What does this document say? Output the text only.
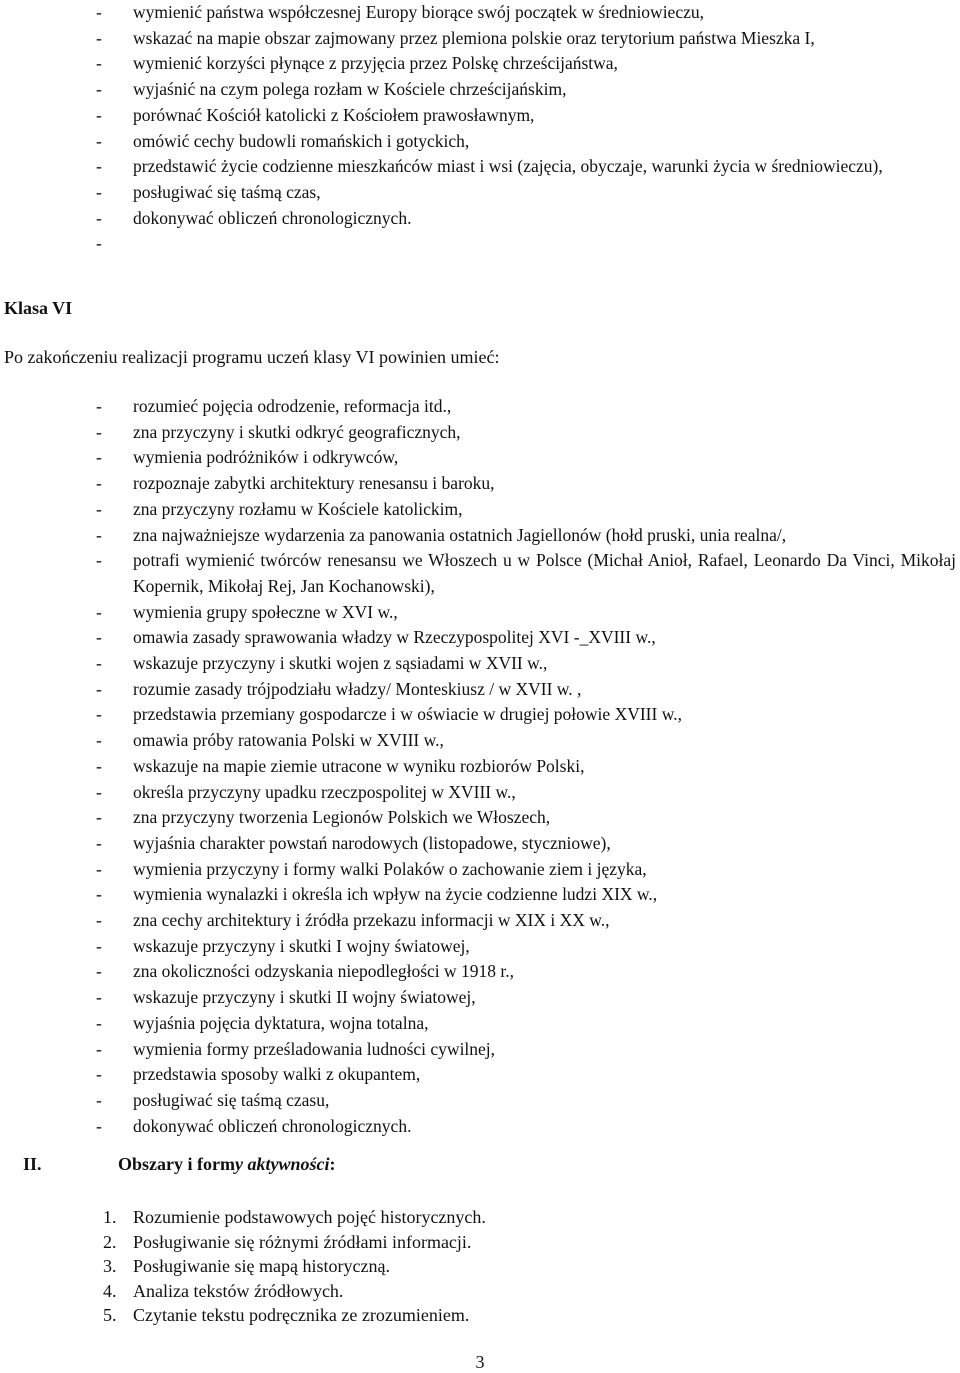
- wymienić państwa współczesnej Europy biorące swój początek w średniowieczu,
- wskazać na mapie obszar zajmowany przez plemiona polskie oraz terytorium państwa Mieszka I,
- wymienić korzyści płynące z przyjęcia przez Polskę chrześcijaństwa,
- wyjaśnić na czym polega rozłam w Kościele chrześcijańskim,
- porównać Kościół katolicki z Kościołem prawosławnym,
- omówić cechy budowli romańskich i gotyckich,
- przedstawić życie codzienne mieszkańców miast i wsi (zajęcia, obyczaje, warunki życia w średniowieczu),
- posługiwać się taśmą czas,
- dokonywać obliczeń chronologicznych.
-
Klasa VI
Po zakończeniu realizacji programu uczeń klasy VI powinien umieć:
- rozumieć pojęcia odrodzenie, reformacja itd.,
- zna przyczyny i skutki odkryć geograficznych,
- wymienia podróżników i odkrywców,
- rozpoznaje zabytki architektury renesansu i baroku,
- zna przyczyny rozłamu w Kościele katolickim,
- zna najważniejsze wydarzenia za panowania ostatnich Jagiellonów (hołd pruski, unia realna/,
- potrafi wymienić twórców renesansu we Włoszech u w Polsce (Michał Anioł, Rafael, Leonardo Da Vinci, Mikołaj Kopernik, Mikołaj Rej, Jan Kochanowski),
- wymienia grupy społeczne w XVI w.,
- omawia zasady sprawowania władzy w Rzeczypospolitej XVI -_XVIII w.,
- wskazuje przyczyny i skutki wojen z sąsiadami w XVII w.,
- rozumie zasady trójpodziału władzy/ Monteskiusz / w XVII w. ,
- przedstawia przemiany gospodarcze i w oświacie w drugiej połowie XVIII w.,
- omawia próby ratowania Polski w XVIII w.,
- wskazuje na mapie ziemie utracone w wyniku rozbiorów Polski,
- określa przyczyny upadku rzeczpospolitej w XVIII w.,
- zna przyczyny tworzenia Legionów Polskich we Włoszech,
- wyjaśnia charakter powstań narodowych (listopadowe, styczniowe),
- wymienia przyczyny i formy walki Polaków o zachowanie ziem i języka,
- wymienia wynalazki i określa ich wpływ na życie codzienne ludzi XIX w.,
- zna cechy architektury i źródła przekazu informacji w XIX i XX w.,
- wskazuje przyczyny i skutki I wojny światowej,
- zna okoliczności odzyskania niepodległości w 1918 r.,
- wskazuje przyczyny i skutki II wojny światowej,
- wyjaśnia pojęcia dyktatura, wojna totalna,
- wymienia formy prześladowania ludności cywilnej,
- przedstawia sposoby walki z okupantem,
- posługiwać się taśmą czasu,
- dokonywać obliczeń chronologicznych.
II.	Obszary i formy aktywności:
1. Rozumienie podstawowych pojęć historycznych.
2. Posługiwanie się różnymi źródłami informacji.
3. Posługiwanie się mapą historyczną.
4. Analiza tekstów źródłowych.
5. Czytanie tekstu podręcznika ze zrozumieniem.
3
